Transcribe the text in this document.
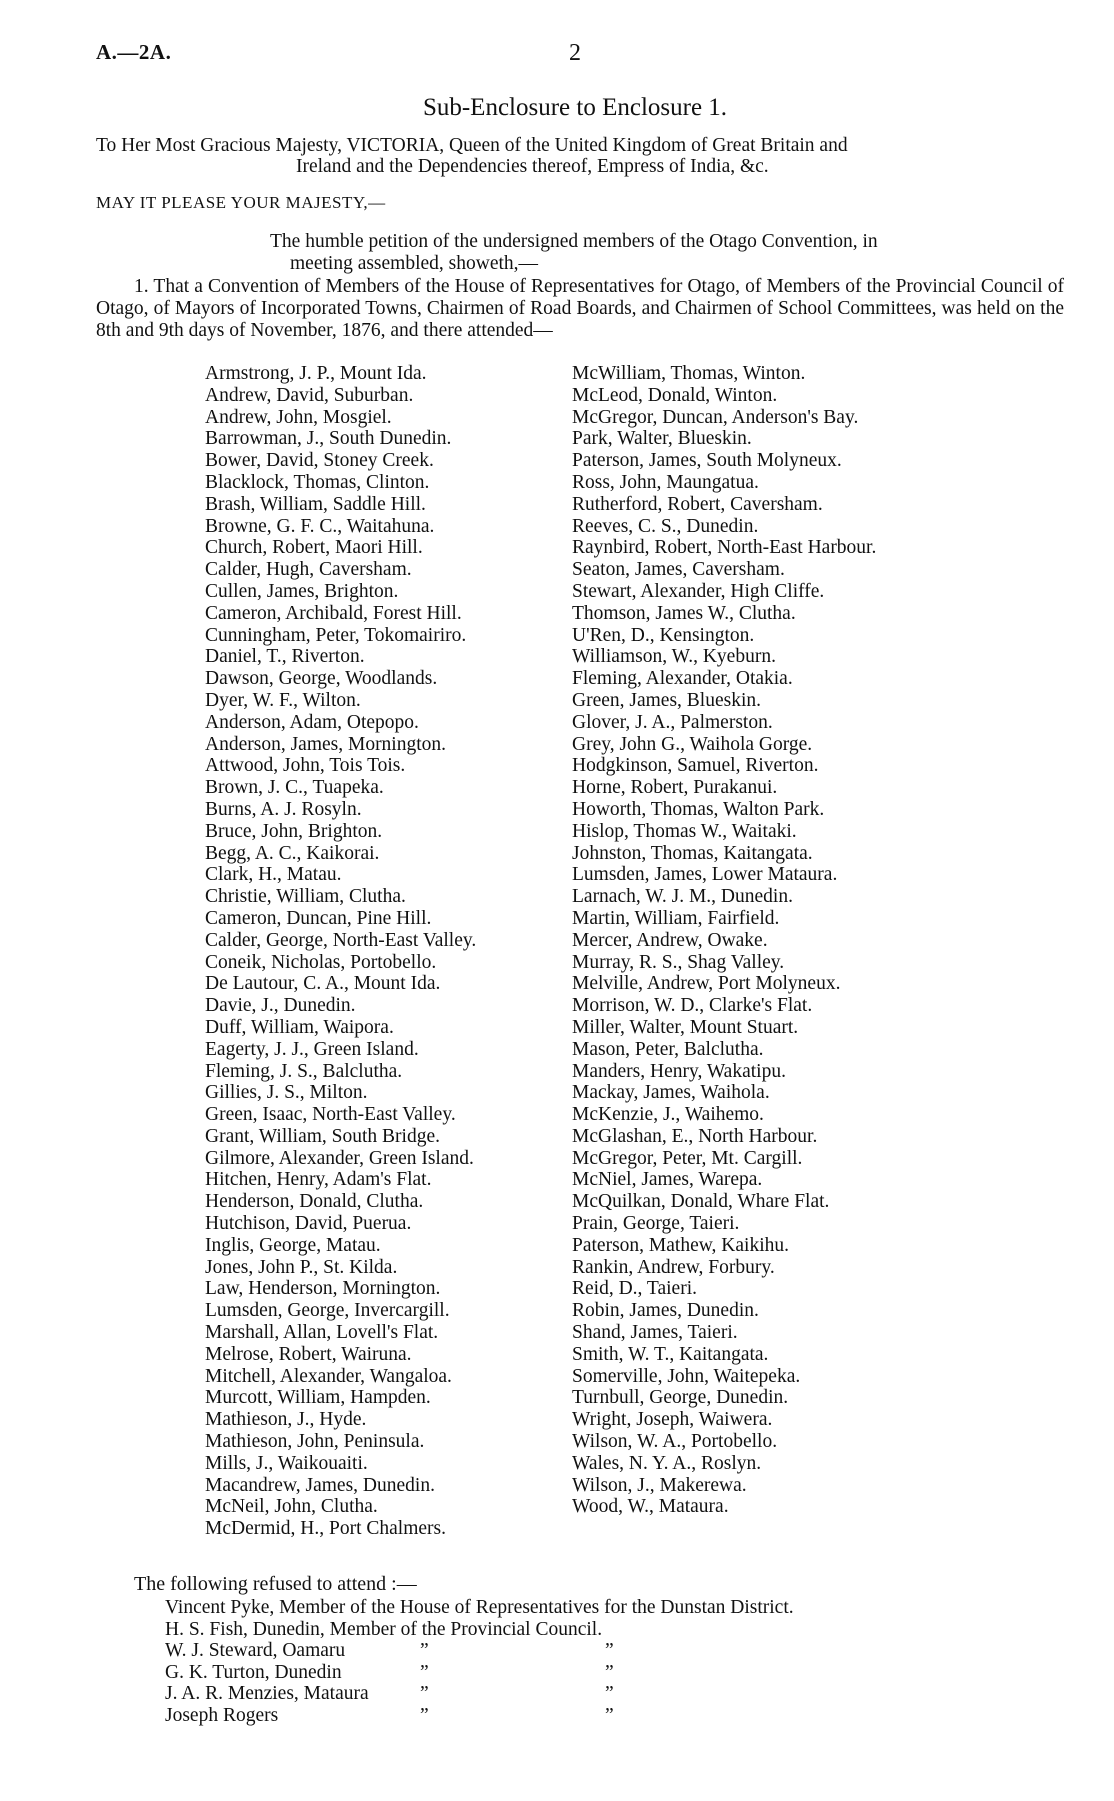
A.—2A.	2
Sub-Enclosure to Enclosure 1.
To Her Most Gracious Majesty, VICTORIA, Queen of the United Kingdom of Great Britain and
Ireland and the Dependencies thereof, Empress of India, &c.
MAY IT PLEASE YOUR MAJESTY,—
The humble petition of the undersigned members of the Otago Convention, in
meeting assembled, showeth,—
1. That a Convention of Members of the House of Representatives for Otago, of Members of the Provincial Council of Otago, of Mayors of Incorporated Towns, Chairmen of Road Boards, and Chairmen of School Committees, was held on the 8th and 9th days of November, 1876, and there attended—
Armstrong, J. P., Mount Ida.
Andrew, David, Suburban.
Andrew, John, Mosgiel.
Barrowman, J., South Dunedin.
Bower, David, Stoney Creek.
Blacklock, Thomas, Clinton.
Brash, William, Saddle Hill.
Browne, G. F. C., Waitahuna.
Church, Robert, Maori Hill.
Calder, Hugh, Caversham.
Cullen, James, Brighton.
Cameron, Archibald, Forest Hill.
Cunningham, Peter, Tokomairiro.
Daniel, T., Riverton.
Dawson, George, Woodlands.
Dyer, W. F., Wilton.
Anderson, Adam, Otepopo.
Anderson, James, Mornington.
Attwood, John, Tois Tois.
Brown, J. C., Tuapeka.
Burns, A. J. Rosyln.
Bruce, John, Brighton.
Begg, A. C., Kaikorai.
Clark, H., Matau.
Christie, William, Clutha.
Cameron, Duncan, Pine Hill.
Calder, George, North-East Valley.
Coneik, Nicholas, Portobello.
De Lautour, C. A., Mount Ida.
Davie, J., Dunedin.
Duff, William, Waipora.
Eagerty, J. J., Green Island.
Fleming, J. S., Balclutha.
Gillies, J. S., Milton.
Green, Isaac, North-East Valley.
Grant, William, South Bridge.
Gilmore, Alexander, Green Island.
Hitchen, Henry, Adam's Flat.
Henderson, Donald, Clutha.
Hutchison, David, Puerua.
Inglis, George, Matau.
Jones, John P., St. Kilda.
Law, Henderson, Mornington.
Lumsden, George, Invercargill.
Marshall, Allan, Lovell's Flat.
Melrose, Robert, Wairuna.
Mitchell, Alexander, Wangaloa.
Murcott, William, Hampden.
Mathieson, J., Hyde.
Mathieson, John, Peninsula.
Mills, J., Waikouaiti.
Macandrew, James, Dunedin.
McNeil, John, Clutha.
McDermid, H., Port Chalmers.
McWilliam, Thomas, Winton.
McLeod, Donald, Winton.
McGregor, Duncan, Anderson's Bay.
Park, Walter, Blueskin.
Paterson, James, South Molyneux.
Ross, John, Maungatua.
Rutherford, Robert, Caversham.
Reeves, C. S., Dunedin.
Raynbird, Robert, North-East Harbour.
Seaton, James, Caversham.
Stewart, Alexander, High Cliffe.
Thomson, James W., Clutha.
U'Ren, D., Kensington.
Williamson, W., Kyeburn.
Fleming, Alexander, Otakia.
Green, James, Blueskin.
Glover, J. A., Palmerston.
Grey, John G., Waihola Gorge.
Hodgkinson, Samuel, Riverton.
Horne, Robert, Purakanui.
Howorth, Thomas, Walton Park.
Hislop, Thomas W., Waitaki.
Johnston, Thomas, Kaitangata.
Lumsden, James, Lower Mataura.
Larnach, W. J. M., Dunedin.
Martin, William, Fairfield.
Mercer, Andrew, Owake.
Murray, R. S., Shag Valley.
Melville, Andrew, Port Molyneux.
Morrison, W. D., Clarke's Flat.
Miller, Walter, Mount Stuart.
Mason, Peter, Balclutha.
Manders, Henry, Wakatipu.
Mackay, James, Waihola.
McKenzie, J., Waihemo.
McGlashan, E., North Harbour.
McGregor, Peter, Mt. Cargill.
McNiel, James, Warepa.
McQuilkan, Donald, Whare Flat.
Prain, George, Taieri.
Paterson, Mathew, Kaikihu.
Rankin, Andrew, Forbury.
Reid, D., Taieri.
Robin, James, Dunedin.
Shand, James, Taieri.
Smith, W. T., Kaitangata.
Somerville, John, Waitepeka.
Turnbull, George, Dunedin.
Wright, Joseph, Waiwera.
Wilson, W. A., Portobello.
Wales, N. Y. A., Roslyn.
Wilson, J., Makerewa.
Wood, W., Mataura.
The following refused to attend :—
Vincent Pyke, Member of the House of Representatives for the Dunstan District.
H. S. Fish, Dunedin, Member of the Provincial Council.
W. J. Steward, Oamaru	”	”
G. K. Turton, Dunedin	”	”
J. A. R. Menzies, Mataura	”	”
Joseph Rogers	”	”
